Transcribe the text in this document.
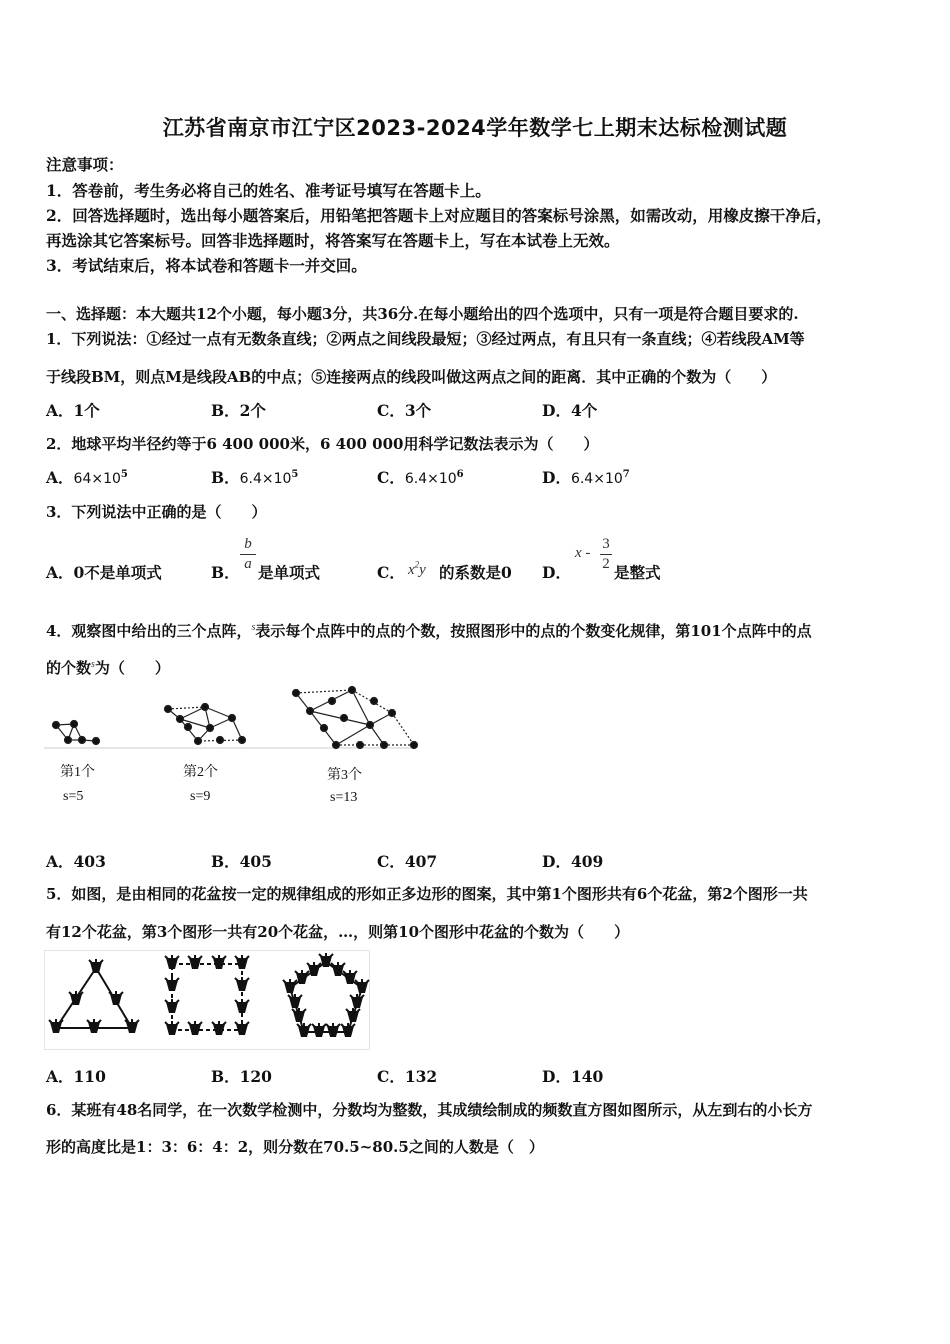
江苏省南京市江宁区2023-2024学年数学七上期末达标检测试题
注意事项：
1．答卷前，考生务必将自己的姓名、准考证号填写在答题卡上。
2．回答选择题时，选出每小题答案后，用铅笔把答题卡上对应题目的答案标号涂黑，如需改动，用橡皮擦干净后，
再选涂其它答案标号。回答非选择题时，将答案写在答题卡上，写在本试卷上无效。
3．考试结束后，将本试卷和答题卡一并交回。
一、选择题：本大题共12个小题，每小题3分，共36分.在每小题给出的四个选项中，只有一项是符合题目要求的.
1．下列说法：①经过一点有无数条直线；②两点之间线段最短；③经过两点，有且只有一条直线；④若线段AM等
于线段BM，则点M是线段AB的中点；⑤连接两点的线段叫做这两点之间的距离．其中正确的个数为（　　）
A．1个	B．2个	C．3个	D．4个
2．地球平均半径约等于6 400 000米，6 400 000用科学记数法表示为（　　）
A．$64\times 10^5$	B．$6.4\times 10^5$	C．$6.4\times 10^6$	D．$6.4\times 10^7$
3．下列说法中正确的是（　　）
A．0不是单项式	B．
b
a 是单项式	C． $x^2y$ 的系数是0 D．
x -
3
2 是整式
4．观察图中给出的三个点阵，$^s$表示每个点阵中的点的个数，按照图形中的点的个数变化规律，第101个点阵中的点
的个数$^s$为（　　）
第1个
s=5
第2个
s=9
第3个
s=13
A．403	B．405	C．407	D．409
5．如图，是由相同的花盆按一定的规律组成的形如正多边形的图案，其中第1个图形共有6个花盆，第2个图形一共
有12个花盆，第3个图形一共有20个花盆，…，则第10个图形中花盆的个数为（　　）
A．110	B．120	C．132	D．140
6．某班有48名同学，在一次数学检测中，分数均为整数，其成绩绘制成的频数直方图如图所示，从左到右的小长方
形的高度比是1：3：6：4：2，则分数在70.5~80.5之间的人数是（　）
